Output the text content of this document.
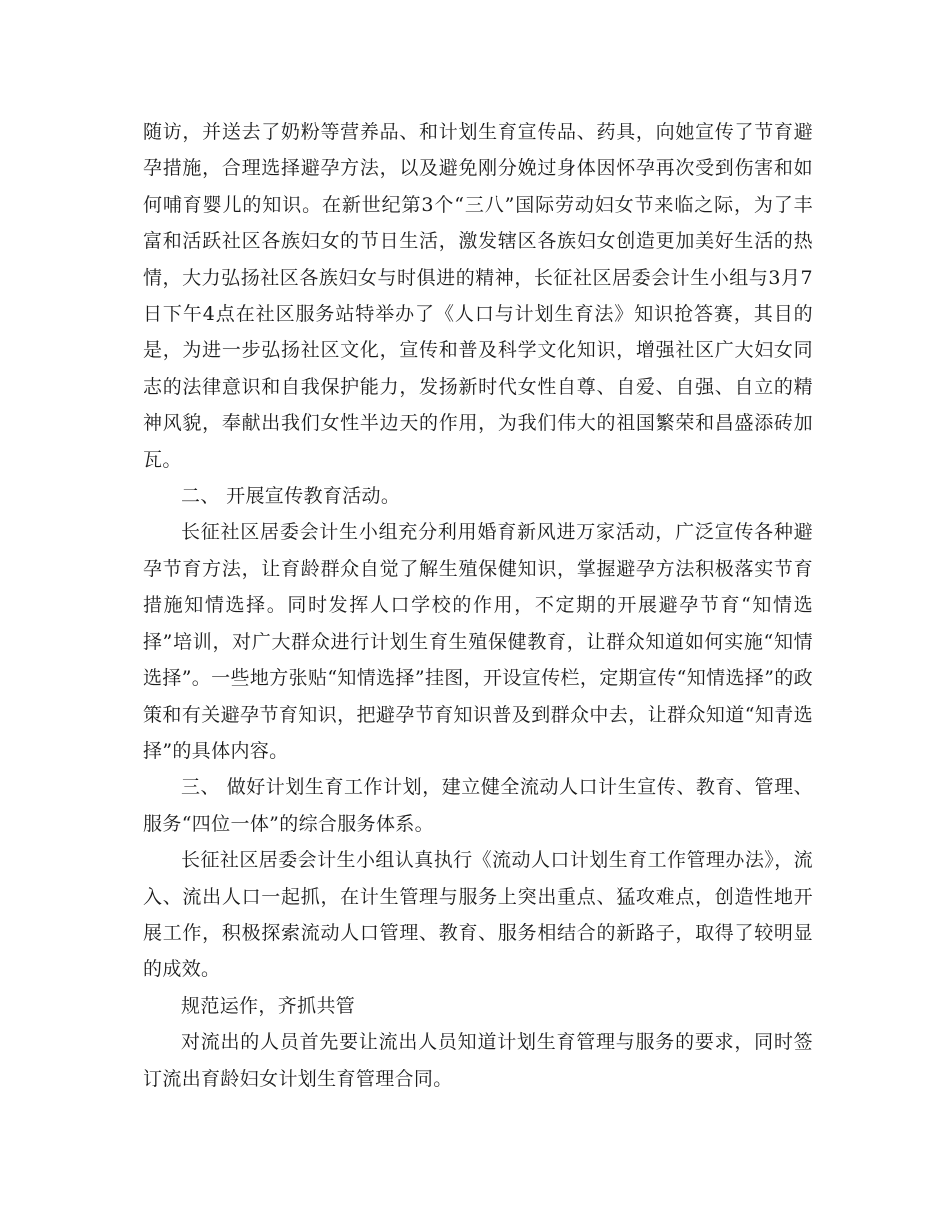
随访，并送去了奶粉等营养品、和计划生育宣传品、药具，向她宣传了节育避孕措施，合理选择避孕方法，以及避免刚分娩过身体因怀孕再次受到伤害和如何哺育婴儿的知识。在新世纪第3个“三八”国际劳动妇女节来临之际，为了丰富和活跃社区各族妇女的节日生活，激发辖区各族妇女创造更加美好生活的热情，大力弘扬社区各族妇女与时俱进的精神，长征社区居委会计生小组与3月7日下午4点在社区服务站特举办了《人口与计划生育法》知识抢答赛，其目的是，为进一步弘扬社区文化，宣传和普及科学文化知识，增强社区广大妇女同志的法律意识和自我保护能力，发扬新时代女性自尊、自爱、自强、自立的精神风貌，奉献出我们女性半边天的作用，为我们伟大的祖国繁荣和昌盛添砖加瓦。

二、 开展宣传教育活动。

长征社区居委会计生小组充分利用婚育新风进万家活动，广泛宣传各种避孕节育方法，让育龄群众自觉了解生殖保健知识，掌握避孕方法积极落实节育措施知情选择。同时发挥人口学校的作用，不定期的开展避孕节育“知情选择”培训，对广大群众进行计划生育生殖保健教育，让群众知道如何实施“知情选择”。一些地方张贴“知情选择”挂图，开设宣传栏，定期宣传“知情选择”的政策和有关避孕节育知识，把避孕节育知识普及到群众中去，让群众知道“知青选择”的具体内容。

三、 做好计划生育工作计划，建立健全流动人口计生宣传、教育、管理、服务“四位一体”的综合服务体系。

长征社区居委会计生小组认真执行《流动人口计划生育工作管理办法》，流入、流出人口一起抓，在计生管理与服务上突出重点、猛攻难点，创造性地开展工作，积极探索流动人口管理、教育、服务相结合的新路子，取得了较明显的成效。

规范运作，齐抓共管

对流出的人员首先要让流出人员知道计划生育管理与服务的要求，同时签订流出育龄妇女计划生育管理合同。
